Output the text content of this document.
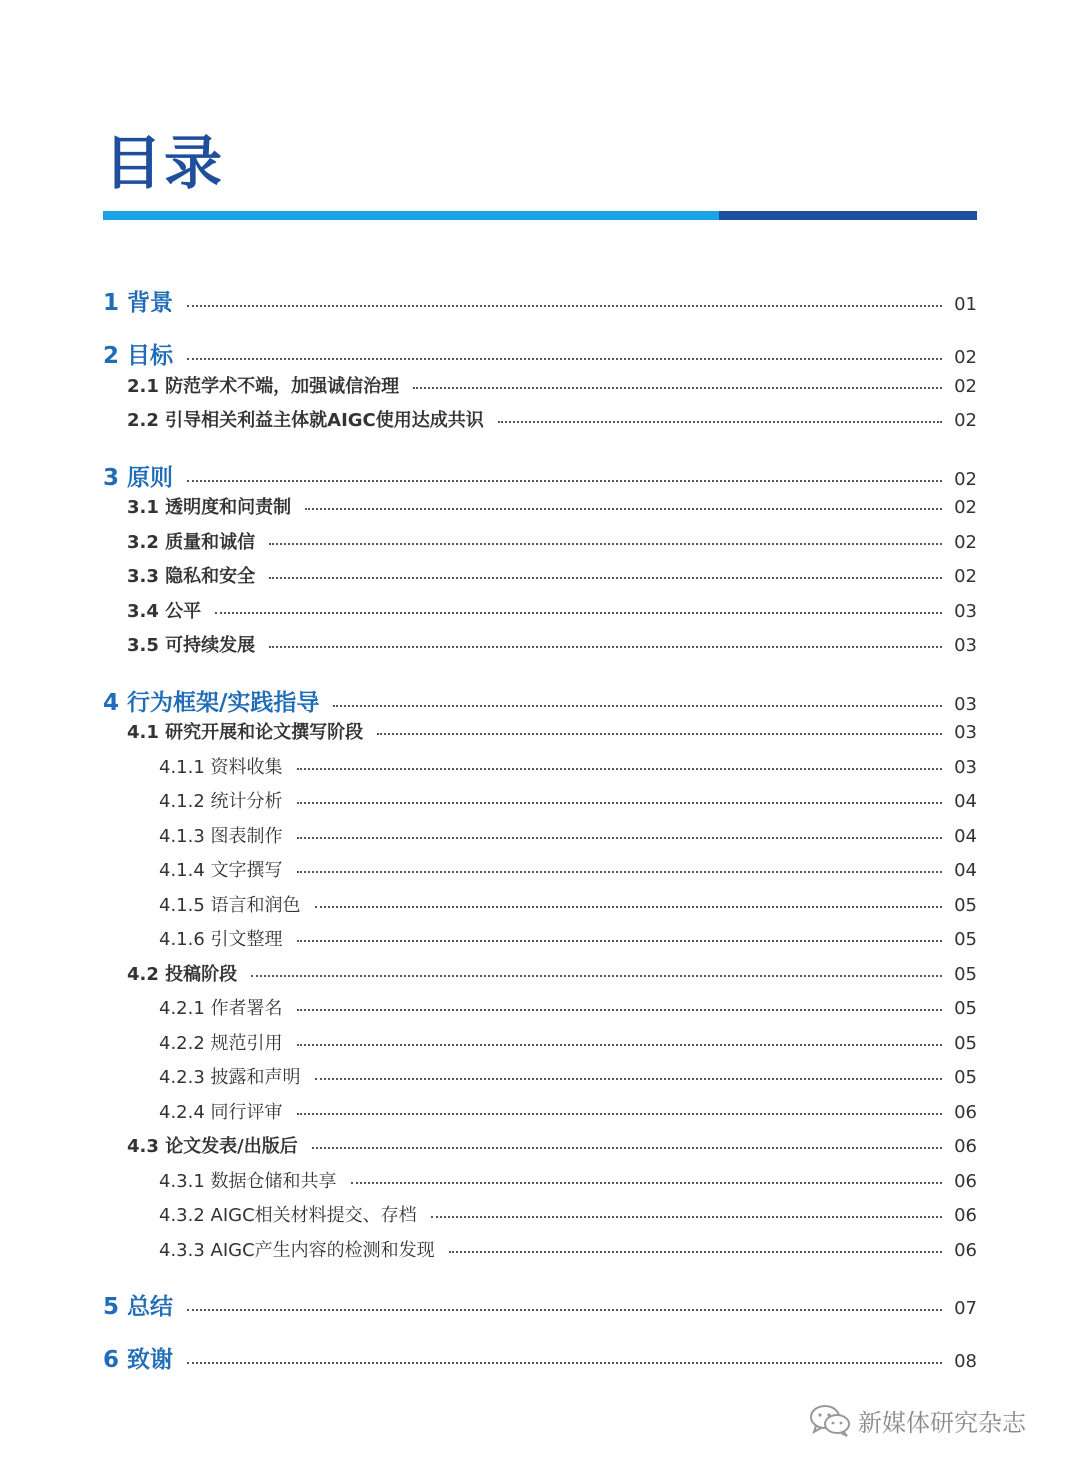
目录
1 背景	01
2 目标	02
2.1 防范学术不端，加强诚信治理	02
2.2 引导相关利益主体就AIGC使用达成共识	02
3 原则	02
3.1 透明度和问责制	02
3.2 质量和诚信	02
3.3 隐私和安全	02
3.4 公平	03
3.5 可持续发展	03
4 行为框架/实践指导	03
4.1 研究开展和论文撰写阶段	03
4.1.1 资料收集	03
4.1.2 统计分析	04
4.1.3 图表制作	04
4.1.4 文字撰写	04
4.1.5 语言和润色	05
4.1.6 引文整理	05
4.2 投稿阶段	05
4.2.1 作者署名	05
4.2.2 规范引用	05
4.2.3 披露和声明	05
4.2.4 同行评审	06
4.3 论文发表/出版后	06
4.3.1 数据仓储和共享	06
4.3.2 AIGC相关材料提交、存档	06
4.3.3 AIGC产生内容的检测和发现	06
5 总结	07
6 致谢	08
新媒体研究杂志
